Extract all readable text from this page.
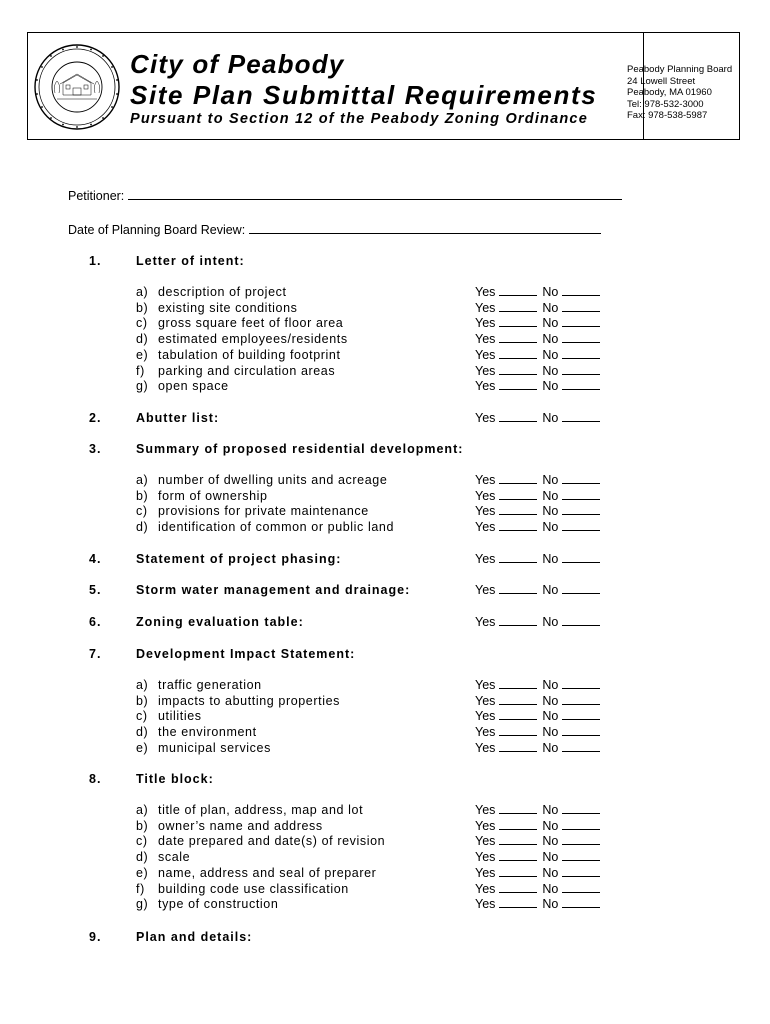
City of Peabody
Site Plan Submittal Requirements
Pursuant to Section 12 of the Peabody Zoning Ordinance
Peabody Planning Board
24 Lowell Street
Peabody, MA 01960
Tel: 978-532-3000
Fax: 978-538-5987
Petitioner:
Date of Planning Board Review:
1.	Letter of intent:
a) description of project	Yes	No
b) existing site conditions	Yes	No
c) gross square feet of floor area	Yes	No
d) estimated employees/residents	Yes	No
e) tabulation of building footprint	Yes	No
f) parking and circulation areas	Yes	No
g) open space	Yes	No
2.	Abutter list:	Yes	No
3.	Summary of proposed residential development:
a) number of dwelling units and acreage	Yes	No
b) form of ownership	Yes	No
c) provisions for private maintenance	Yes	No
d) identification of common or public land	Yes	No
4.	Statement of project phasing:	Yes	No
5.	Storm water management and drainage:	Yes	No
6.	Zoning evaluation table:	Yes	No
7.	Development Impact Statement:
a) traffic generation	Yes	No
b) impacts to abutting properties	Yes	No
c) utilities	Yes	No
d) the environment	Yes	No
e) municipal services	Yes	No
8.	Title block:
a) title of plan, address, map and lot	Yes	No
b) owner’s name and address	Yes	No
c) date prepared and date(s) of revision	Yes	No
d) scale	Yes	No
e) name, address and seal of preparer	Yes	No
f) building code use classification	Yes	No
g) type of construction	Yes	No
9.	Plan and details:
